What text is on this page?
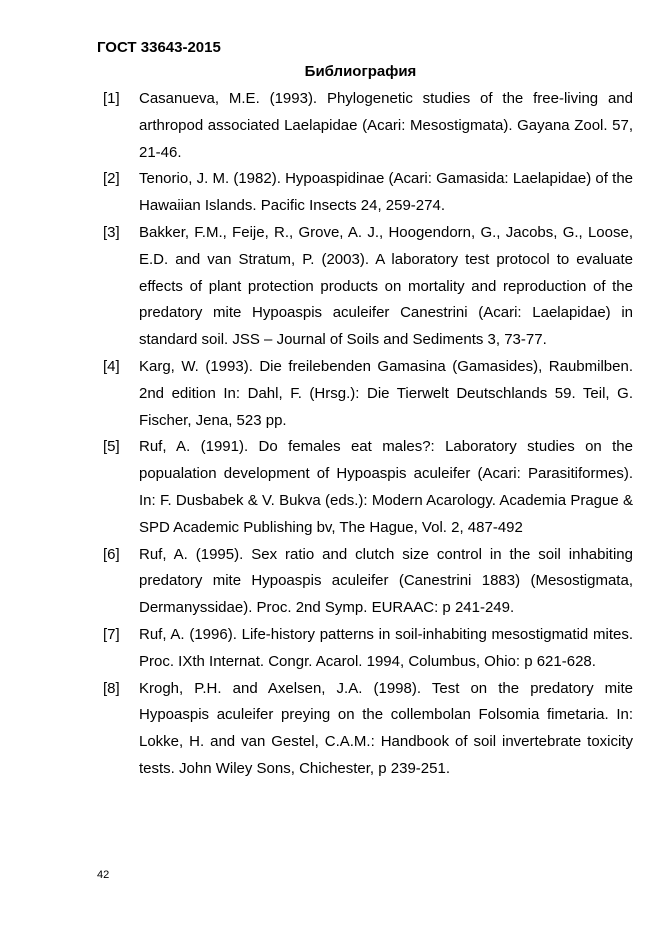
ГОСТ 33643-2015

Библиография
[1]	Casanueva, M.E. (1993). Phylogenetic studies of the free-living and arthropod associated Laelapidae (Acari: Mesostigmata). Gayana Zool. 57, 21-46.
[2]	Tenorio, J. M. (1982). Hypoaspidinae (Acari: Gamasida: Laelapidae) of the Hawaiian Islands. Pacific Insects 24, 259-274.
[3]	Bakker, F.M., Feije, R., Grove, A. J., Hoogendorn, G., Jacobs, G., Loose, E.D. and van Stratum, P. (2003). A laboratory test protocol to evaluate effects of plant protection products on mortality and reproduction of the predatory mite Hypoaspis aculeifer Canestrini (Acari: Laelapidae) in standard soil. JSS – Journal of Soils and Sediments 3, 73-77.
[4]	Karg, W. (1993). Die freilebenden Gamasina (Gamasides), Raubmilben. 2nd edition In: Dahl, F. (Hrsg.): Die Tierwelt Deutschlands 59. Teil, G. Fischer, Jena, 523 pp.
[5]	Ruf, A. (1991). Do females eat males?: Laboratory studies on the popualation development of Hypoaspis aculeifer (Acari: Parasitiformes). In: F. Dusbabek & V. Bukva (eds.): Modern Acarology. Academia Prague & SPD Academic Publishing bv, The Hague, Vol. 2, 487-492
[6]	Ruf, A. (1995). Sex ratio and clutch size control in the soil inhabiting predatory mite Hypoaspis aculeifer (Canestrini 1883) (Mesostigmata, Dermanyssidae). Proc. 2nd Symp. EURAAC: p 241-249.
[7]	Ruf, A. (1996). Life-history patterns in soil-inhabiting mesostigmatid mites. Proc. IXth Internat. Congr. Acarol. 1994, Columbus, Ohio: p 621-628.
[8]	Krogh, P.H. and Axelsen, J.A. (1998). Test on the predatory mite Hypoaspis aculeifer preying on the collembolan Folsomia fimetaria. In: Lokke, H. and van Gestel, C.A.M.: Handbook of soil invertebrate toxicity tests. John Wiley Sons, Chichester, p 239-251.

42
